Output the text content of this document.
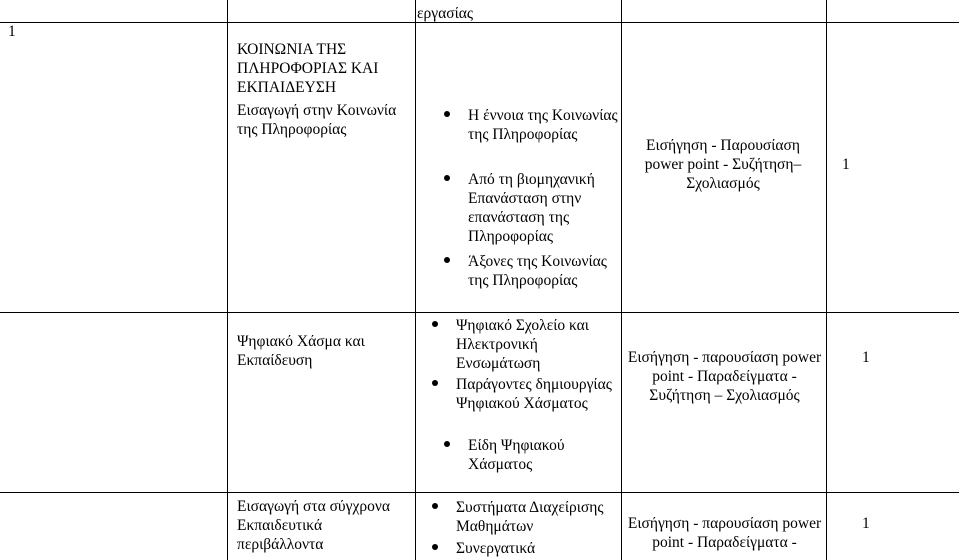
1
εργασίας
ΚΟΙΝΩΝΙΑ ΤΗΣ ΠΛΗΡΟΦΟΡΙΑΣ ΚΑΙ ΕΚΠΑΙΔΕΥΣΗ
Εισαγωγή στην Κοινωνία της Πληροφορίας
Η έννοια της Κοινωνίας της Πληροφορίας
Από τη βιομηχανική Επανάσταση στην επανάσταση της Πληροφορίας
Άξονες της Κοινωνίας της Πληροφορίας
Εισήγηση - Παρουσίαση power point - Συζήτηση– Σχολιασμός
1
Ψηφιακό Χάσμα και Εκπαίδευση
Ψηφιακό Σχολείο και Ηλεκτρονική Ενσωμάτωση
Παράγοντες δημιουργίας Ψηφιακού Χάσματος
Είδη Ψηφιακού Χάσματος
Εισήγηση - παρουσίαση power point - Παραδείγματα - Συζήτηση – Σχολιασμός
1
Εισαγωγή στα σύγχρονα Εκπαιδευτικά περιβάλλοντα
Συστήματα Διαχείρισης Μαθημάτων
Συνεργατικά
Εισήγηση - παρουσίαση power point - Παραδείγματα -
1
